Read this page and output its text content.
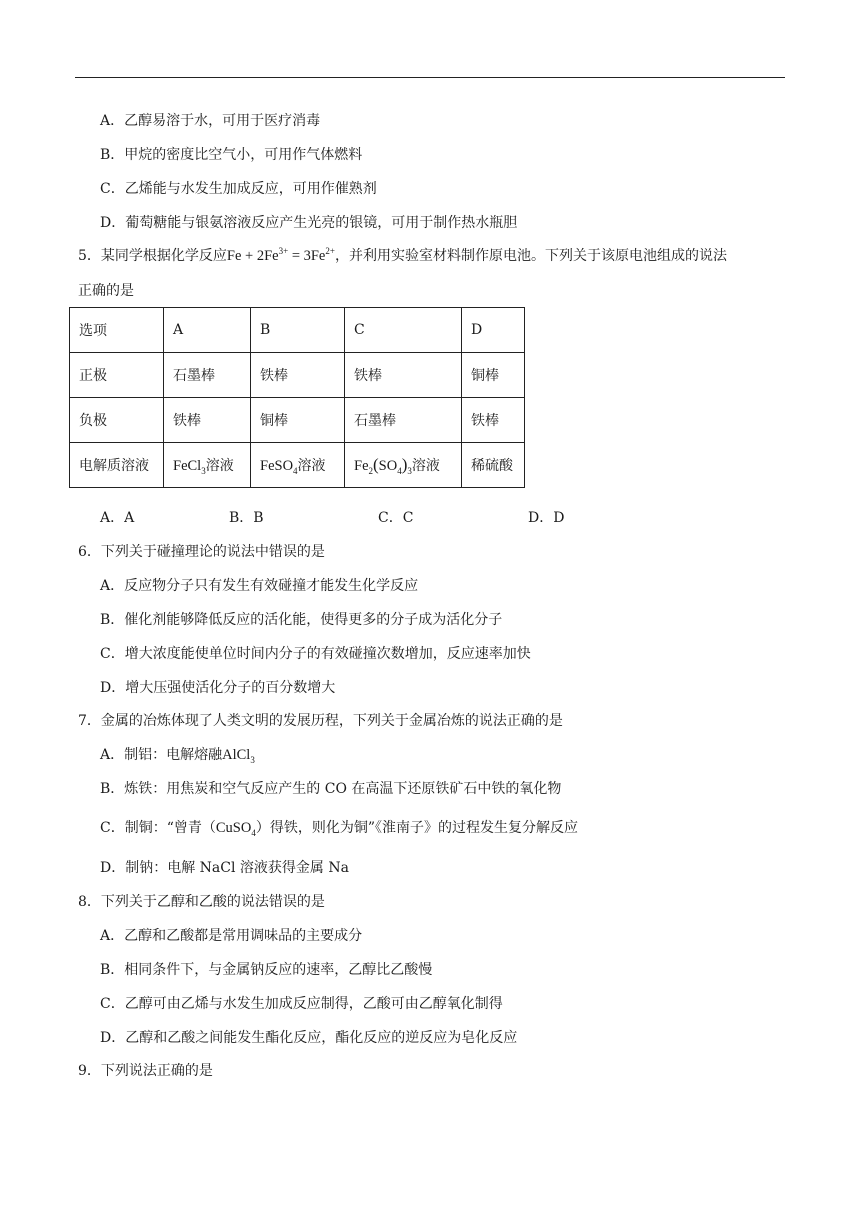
A．乙醇易溶于水，可用于医疗消毒
B．甲烷的密度比空气小，可用作气体燃料
C．乙烯能与水发生加成反应，可用作催熟剂
D．葡萄糖能与银氨溶液反应产生光亮的银镜，可用于制作热水瓶胆
5．某同学根据化学反应$Fe + 2Fe^{3+} = 3Fe^{2+}$，并利用实验室材料制作原电池。下列关于该原电池组成的说法
正确的是
选项	A	B	C	D
正极	石墨棒	铁棒	铁棒	铜棒
负极	铁棒	铜棒	石墨棒	铁棒
电解质溶液	FeCl$_3$溶液	FeSO$_4$溶液	$Fe_2(SO_4)_3$溶液	稀硫酸
A．A	B．B	C．C	D．D
6．下列关于碰撞理论的说法中错误的是
A．反应物分子只有发生有效碰撞才能发生化学反应
B．催化剂能够降低反应的活化能，使得更多的分子成为活化分子
C．增大浓度能使单位时间内分子的有效碰撞次数增加，反应速率加快
D．增大压强使活化分子的百分数增大
7．金属的冶炼体现了人类文明的发展历程，下列关于金属冶炼的说法正确的是
A．制铝：电解熔融AlCl$_3$
B．炼铁：用焦炭和空气反应产生的 CO 在高温下还原铁矿石中铁的氧化物
C．制铜：“曾青（CuSO$_4$）得铁，则化为铜”《淮南子》的过程发生复分解反应
D．制钠：电解 NaCl 溶液获得金属 Na
8．下列关于乙醇和乙酸的说法错误的是
A．乙醇和乙酸都是常用调味品的主要成分
B．相同条件下，与金属钠反应的速率，乙醇比乙酸慢
C．乙醇可由乙烯与水发生加成反应制得，乙酸可由乙醇氧化制得
D．乙醇和乙酸之间能发生酯化反应，酯化反应的逆反应为皂化反应
9．下列说法正确的是
